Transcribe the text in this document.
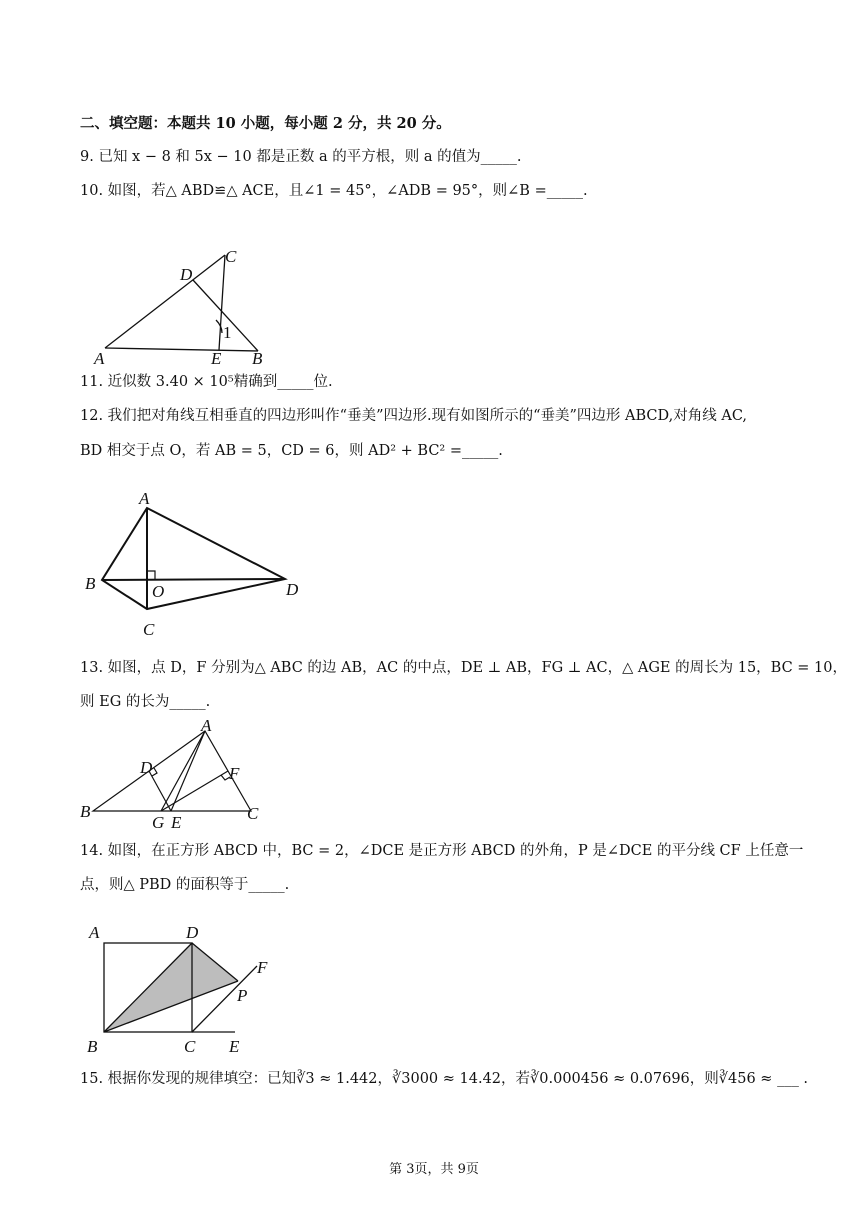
二、填空题：本题共 10 小题，每小题 2 分，共 20 分。
9. 已知 x − 8 和 5x − 10 都是正数 a 的平方根，则 a 的值为_____.
10. 如图，若△ ABD≌△ ACE，且∠1 = 45°，∠ADB = 95°，则∠B =_____.
C
D
1
A	E B
11. 近似数 3.40 × 10⁵精确到_____位.
12. 我们把对角线互相垂直的四边形叫作“垂美”四边形.现有如图所示的“垂美”四边形 ABCD,对角线 AC,
BD 相交于点 O，若 AB = 5，CD = 6，则 AD² + BC² =_____.
A
B	O	D
C
13. 如图，点 D，F 分别为△ ABC 的边 AB，AC 的中点，DE ⊥ AB，FG ⊥ AC，△ AGE 的周长为 15，BC = 10，
则 EG 的长为_____.
A
D	F
B	C
G E
14. 如图，在正方形 ABCD 中，BC = 2，∠DCE 是正方形 ABCD 的外角，P 是∠DCE 的平分线 CF 上任意一
点，则△ PBD 的面积等于_____.
A	D
F
P
B	C E
15. 根据你发现的规律填空：已知∛3 ≈ 1.442，∛3000 ≈ 14.42，若∛0.000456 ≈ 0.07696，则∛456 ≈ ___ .
第 3页，共 9页
